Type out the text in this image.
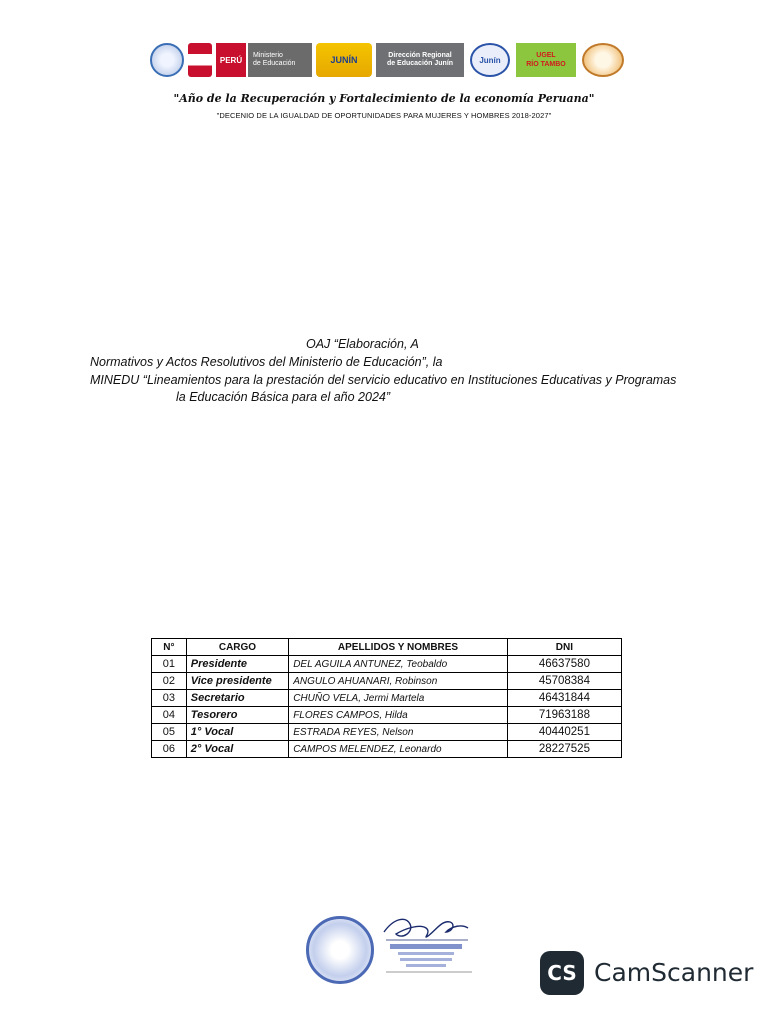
PERÚ	Ministerio
de Educación	JUNÍN	Dirección Regional
de Educación Junín	Junín	UGEL
RÍO TAMBO
"Año de la Recuperación y Fortalecimiento de la economía Peruana"
"DECENIO DE LA IGUALDAD DE OPORTUNIDADES PARA MUJERES Y HOMBRES 2018-2027"
OAJ “Elaboración, A
Normativos y Actos Resolutivos del Ministerio de Educación”, la
MINEDU “Lineamientos para la prestación del servicio educativo en Instituciones Educativas y Programas
la Educación Básica para el año 2024”
N°	CARGO	APELLIDOS Y NOMBRES	DNI
01	Presidente	DEL AGUILA ANTUNEZ, Teobaldo	46637580
02	Vice presidente	ANGULO AHUANARI, Robinson	45708384
03	Secretario	CHUÑO VELA, Jermi Martela	46431844
04	Tesorero	FLORES CAMPOS, Hilda	71963188
05	1° Vocal	ESTRADA REYES, Nelson	40440251
06	2° Vocal	CAMPOS MELENDEZ, Leonardo	28227525
CS CamScanner
